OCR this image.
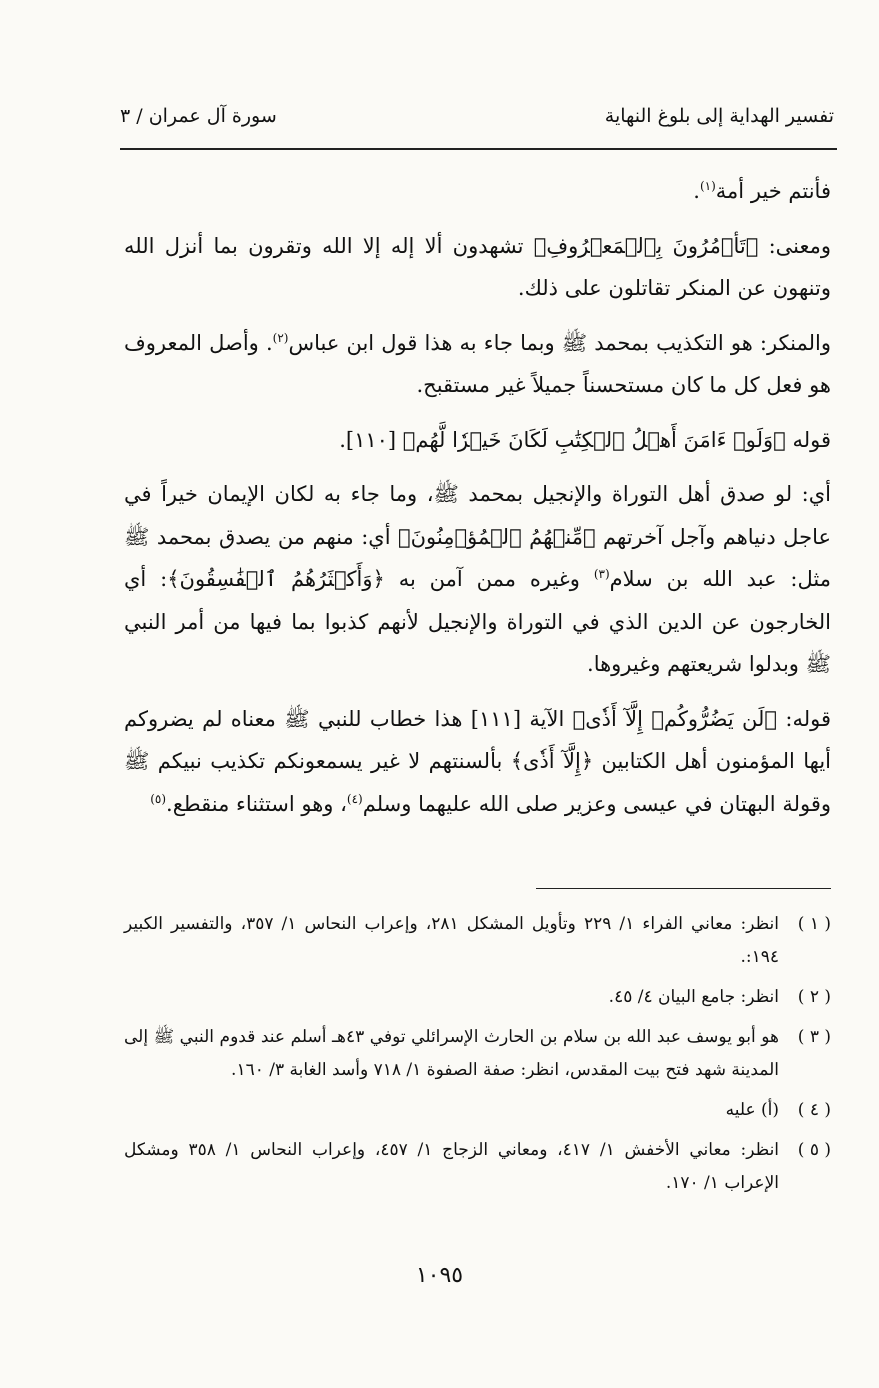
تفسير الهداية إلى بلوغ النهاية
سورة آل عمران / ٣

فأنتم خير أمة$^{(١)}$.

ومعنى: ﴿تَأۡمُرُونَ بِٱلۡمَعۡرُوفِ﴾ تشهدون ألا إله إلا الله وتقرون بما أنزل الله وتنهون عن المنكر تقاتلون على ذلك.

والمنكر: هو التكذيب بمحمد ﷺ وبما جاء به هذا قول ابن عباس$^{(٢)}$. وأصل المعروف هو فعل كل ما كان مستحسناً جميلاً غير مستقبح.

قوله ﴿وَلَوۡ ءَامَنَ أَهۡلُ ٱلۡكِتَٰبِ لَكَانَ خَيۡرٗا لَّهُم﴾ [١١٠].

أي: لو صدق أهل التوراة والإنجيل بمحمد ﷺ، وما جاء به لكان الإيمان خيراً في عاجل دنياهم وآجل آخرتهم ﴿مِّنۡهُمُ ٱلۡمُؤۡمِنُونَ﴾ أي: منهم من يصدق بمحمد ﷺ مثل: عبد الله بن سلام$^{(٣)}$ وغيره ممن آمن به ﴿وَأَكۡثَرُهُمُ ٱلۡفَٰسِقُونَ﴾: أي الخارجون عن الدين الذي في التوراة والإنجيل لأنهم كذبوا بما فيها من أمر النبي ﷺ وبدلوا شريعتهم وغيروها.

قوله: ﴿لَن يَضُرُّوكُمۡ إِلَّآ أَذٗى﴾ الآية [١١١] هذا خطاب للنبي ﷺ معناه لم يضروكم أيها المؤمنون أهل الكتابين ﴿إِلَّآ أَذٗى﴾ بألسنتهم لا غير يسمعونكم تكذيب نبيكم ﷺ وقولة البهتان في عيسى وعزير صلى الله عليهما وسلم$^{(٤)}$، وهو استثناء منقطع.$^{(٥)}$

( ١ )
انظر: معاني الفراء ١/ ٢٢٩ وتأويل المشكل ٢٨١، وإعراب النحاس ١/ ٣٥٧، والتفسير الكبير ١٩٤:.
( ٢ )
انظر: جامع البيان ٤/ ٤٥.
( ٣ )
هو أبو يوسف عبد الله بن سلام بن الحارث الإسرائلي توفي ٤٣هـ أسلم عند قدوم النبي ﷺ إلى المدينة شهد فتح بيت المقدس، انظر: صفة الصفوة ١/ ٧١٨ وأسد الغابة ٣/ ١٦٠.
( ٤ )
(أ) عليه
( ٥ )
انظر: معاني الأخفش ١/ ٤١٧، ومعاني الزجاج ١/ ٤٥٧، وإعراب النحاس ١/ ٣٥٨ ومشكل الإعراب ١/ ١٧٠.
١٠٩٥
